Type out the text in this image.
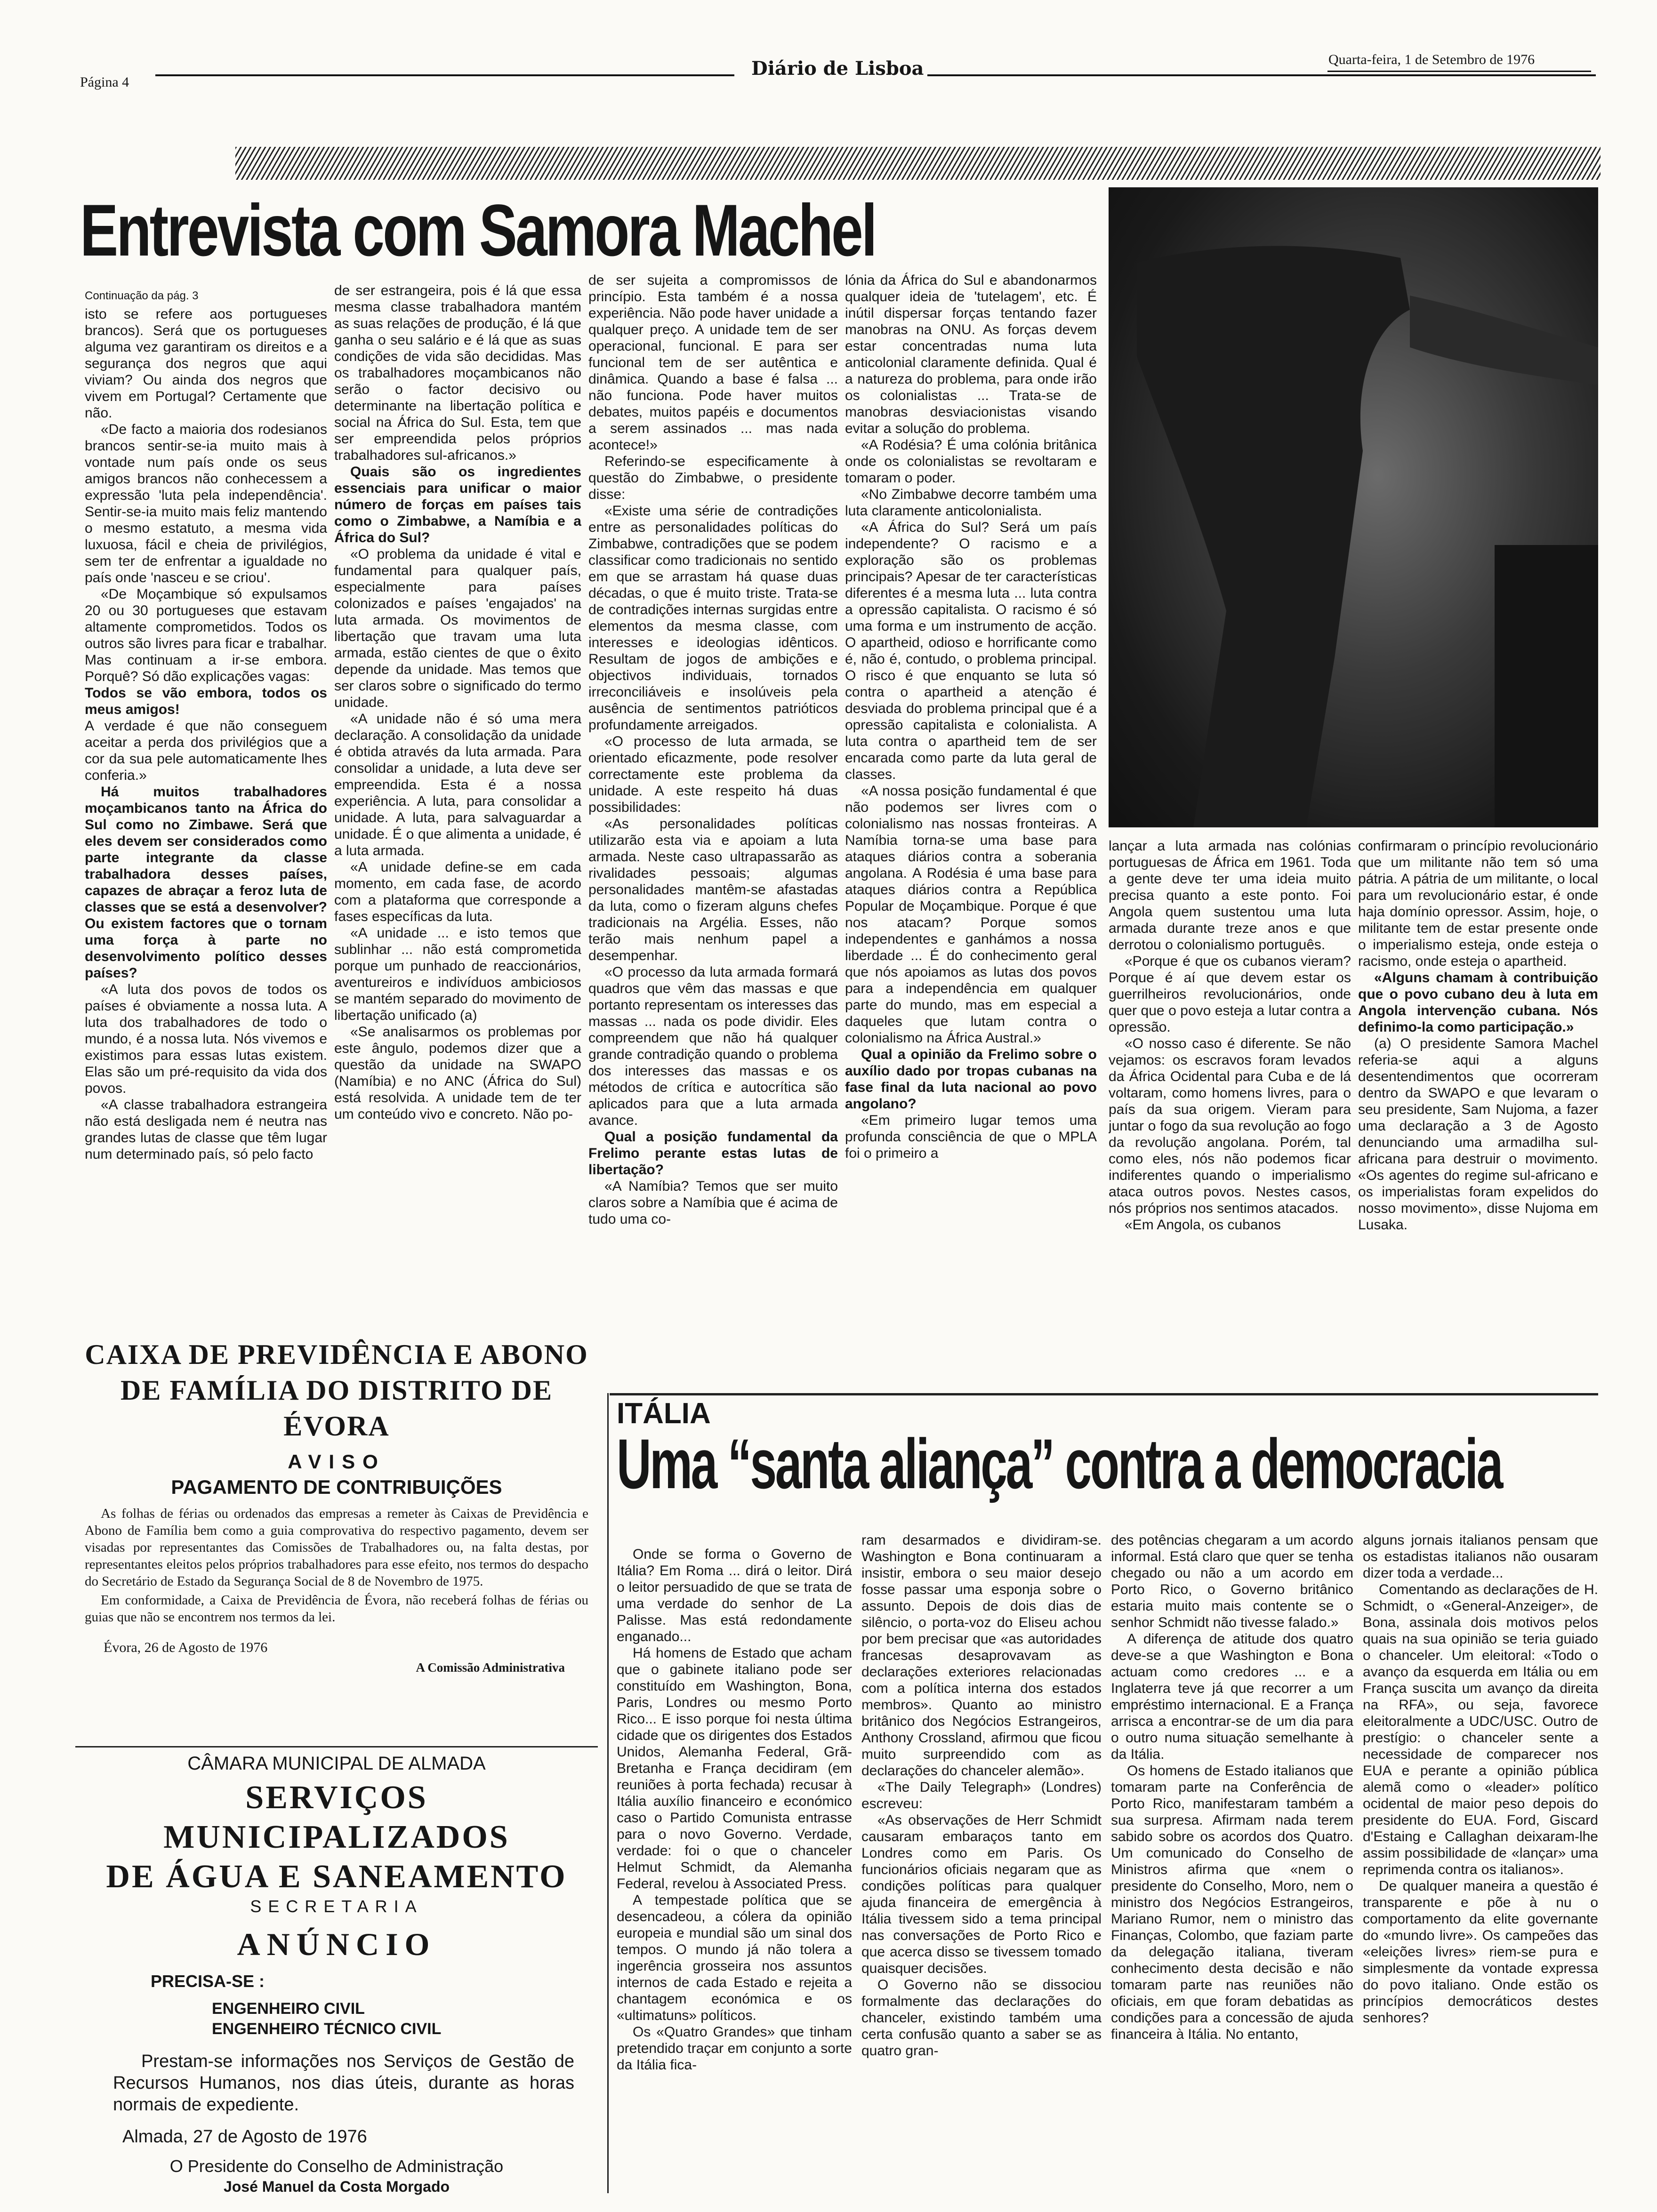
Página 4
Diário de Lisboa	Quarta-feira, 1 de Setembro de 1976
Entrevista com Samora Machel
Continuação da pág. 3

isto se refere aos portugueses brancos). Será que os portugueses alguma vez garantiram os direitos e a segurança dos negros que aqui viviam? Ou ainda dos negros que vivem em Portugal? Certamente que não.

«De facto a maioria dos rodesianos brancos sentir-se-ia muito mais à vontade num país onde os seus amigos brancos não conhecessem a expressão 'luta pela independência'. Sentir-se-ia muito mais feliz mantendo o mesmo estatuto, a mesma vida luxuosa, fácil e cheia de privilégios, sem ter de enfrentar a igualdade no país onde 'nasceu e se criou'.

«De Moçambique só expulsamos 20 ou 30 portugueses que estavam altamente comprometidos. Todos os outros são livres para ficar e trabalhar. Mas continuam a ir-se embora. Porquê? Só dão explicações vagas:

Todos se vão embora, todos os meus amigos!

A verdade é que não conseguem aceitar a perda dos privilégios que a cor da sua pele automaticamente lhes conferia.»

Há muitos trabalhadores moçambicanos tanto na África do Sul como no Zimbawe. Será que eles devem ser considerados como parte integrante da classe trabalhadora desses países, capazes de abraçar a feroz luta de classes que se está a desenvolver? Ou existem factores que o tornam uma força à parte no desenvolvimento político desses países?

«A luta dos povos de todos os países é obviamente a nossa luta. A luta dos trabalhadores de todo o mundo, é a nossa luta. Nós vivemos e existimos para essas lutas existem. Elas são um pré-requisito da vida dos povos.

«A classe trabalhadora estrangeira não está desligada nem é neutra nas grandes lutas de classe que têm lugar num determinado país, só pelo facto

de ser estrangeira, pois é lá que essa mesma classe trabalhadora mantém as suas relações de produção, é lá que ganha o seu salário e é lá que as suas condições de vida são decididas. Mas os trabalhadores moçambicanos não serão o factor decisivo ou determinante na libertação política e social na África do Sul. Esta, tem que ser empreendida pelos próprios trabalhadores sul-africanos.»

Quais são os ingredientes essenciais para unificar o maior número de forças em países tais como o Zimbabwe, a Namíbia e a África do Sul?

«O problema da unidade é vital e fundamental para qualquer país, especialmente para países colonizados e países 'engajados' na luta armada. Os movimentos de libertação que travam uma luta armada, estão cientes de que o êxito depende da unidade. Mas temos que ser claros sobre o significado do termo unidade.

«A unidade não é só uma mera declaração. A consolidação da unidade é obtida através da luta armada. Para consolidar a unidade, a luta deve ser empreendida. Esta é a nossa experiência. A luta, para consolidar a unidade. A luta, para salvaguardar a unidade. É o que alimenta a unidade, é a luta armada.

«A unidade define-se em cada momento, em cada fase, de acordo com a plataforma que corresponde a fases específicas da luta.

«A unidade ... e isto temos que sublinhar ... não está comprometida porque um punhado de reaccionários, aventureiros e indivíduos ambiciosos se mantém separado do movimento de libertação unificado (a)

«Se analisarmos os problemas por este ângulo, podemos dizer que a questão da unidade na SWAPO (Namíbia) e no ANC (África do Sul) está resolvida. A unidade tem de ter um conteúdo vivo e concreto. Não po-

de ser sujeita a compromissos de princípio. Esta também é a nossa experiência. Não pode haver unidade a qualquer preço. A unidade tem de ser operacional, funcional. E para ser funcional tem de ser autêntica e dinâmica. Quando a base é falsa ... não funciona. Pode haver muitos debates, muitos papéis e documentos a serem assinados ... mas nada acontece!»

Referindo-se especificamente à questão do Zimbabwe, o presidente disse:

«Existe uma série de contradições entre as personalidades políticas do Zimbabwe, contradições que se podem classificar como tradicionais no sentido em que se arrastam há quase duas décadas, o que é muito triste. Trata-se de contradições internas surgidas entre elementos da mesma classe, com interesses e ideologias idênticos. Resultam de jogos de ambições e objectivos individuais, tornados irreconciliáveis e insolúveis pela ausência de sentimentos patrióticos profundamente arreigados.

«O processo de luta armada, se orientado eficazmente, pode resolver correctamente este problema da unidade. A este respeito há duas possibilidades:

«As personalidades políticas utilizarão esta via e apoiam a luta armada. Neste caso ultrapassarão as rivalidades pessoais; algumas personalidades mantêm-se afastadas da luta, como o fizeram alguns chefes tradicionais na Argélia. Esses, não terão mais nenhum papel a desempenhar.

«O processo da luta armada formará quadros que vêm das massas e que portanto representam os interesses das massas ... nada os pode dividir. Eles compreendem que não há qualquer grande contradição quando o problema dos interesses das massas e os métodos de crítica e autocrítica são aplicados para que a luta armada avance.

Qual a posição fundamental da Frelimo perante estas lutas de libertação?

«A Namíbia? Temos que ser muito claros sobre a Namíbia que é acima de tudo uma co-

lónia da África do Sul e abandonarmos qualquer ideia de 'tutelagem', etc. É inútil dispersar forças tentando fazer manobras na ONU. As forças devem estar concentradas numa luta anticolonial claramente definida. Qual é a natureza do problema, para onde irão os colonialistas ... Trata-se de manobras desviacionistas visando evitar a solução do problema.

«A Rodésia? É uma colónia britânica onde os colonialistas se revoltaram e tomaram o poder.

«No Zimbabwe decorre também uma luta claramente anticolonialista.

«A África do Sul? Será um país independente? O racismo e a exploração são os problemas principais? Apesar de ter características diferentes é a mesma luta ... luta contra a opressão capitalista. O racismo é só uma forma e um instrumento de acção. O apartheid, odioso e horrificante como é, não é, contudo, o problema principal. O risco é que enquanto se luta só contra o apartheid a atenção é desviada do problema principal que é a opressão capitalista e colonialista. A luta contra o apartheid tem de ser encarada como parte da luta geral de classes.

«A nossa posição fundamental é que não podemos ser livres com o colonialismo nas nossas fronteiras. A Namíbia torna-se uma base para ataques diários contra a soberania angolana. A Rodésia é uma base para ataques diários contra a República Popular de Moçambique. Porque é que nos atacam? Porque somos independentes e ganhámos a nossa liberdade ... É do conhecimento geral que nós apoiamos as lutas dos povos para a independência em qualquer parte do mundo, mas em especial a daqueles que lutam contra o colonialismo na África Austral.»

Qual a opinião da Frelimo sobre o auxílio dado por tropas cubanas na fase final da luta nacional ao povo angolano?

«Em primeiro lugar temos uma profunda consciência de que o MPLA foi o primeiro a

lançar a luta armada nas colónias portuguesas de África em 1961. Toda a gente deve ter uma ideia muito precisa quanto a este ponto. Foi Angola quem sustentou uma luta armada durante treze anos e que derrotou o colonialismo português.

«Porque é que os cubanos vieram? Porque é aí que devem estar os guerrilheiros revolucionários, onde quer que o povo esteja a lutar contra a opressão.

«O nosso caso é diferente. Se não vejamos: os escravos foram levados da África Ocidental para Cuba e de lá voltaram, como homens livres, para o país da sua origem. Vieram para juntar o fogo da sua revolução ao fogo da revolução angolana. Porém, tal como eles, nós não podemos ficar indiferentes quando o imperialismo ataca outros povos. Nestes casos, nós próprios nos sentimos atacados.

«Em Angola, os cubanos

confirmaram o princípio revolucionário que um militante não tem só uma pátria. A pátria de um militante, o local para um revolucionário estar, é onde haja domínio opressor. Assim, hoje, o militante tem de estar presente onde o imperialismo esteja, onde esteja o racismo, onde esteja o apartheid.

«Alguns chamam à contribuição que o povo cubano deu à luta em Angola intervenção cubana. Nós definimo-la como participação.»

(a) O presidente Samora Machel referia-se aqui a alguns desentendimentos que ocorreram dentro da SWAPO e que levaram o seu presidente, Sam Nujoma, a fazer uma declaração a 3 de Agosto denunciando uma armadilha sul-africana para destruir o movimento. «Os agentes do regime sul-africano e os imperialistas foram expelidos do nosso movimento», disse Nujoma em Lusaka.

CAIXA DE PREVIDÊNCIA E ABONO
DE FAMÍLIA DO DISTRITO DE ÉVORA
AVISO
PAGAMENTO DE CONTRIBUIÇÕES
As folhas de férias ou ordenados das empresas a remeter às Caixas de Previdência e Abono de Família bem como a guia comprovativa do respectivo pagamento, devem ser visadas por representantes das Comissões de Trabalhadores ou, na falta destas, por representantes eleitos pelos próprios trabalhadores para esse efeito, nos termos do despacho do Secretário de Estado da Segurança Social de 8 de Novembro de 1975.
Em conformidade, a Caixa de Previdência de Évora, não receberá folhas de férias ou guias que não se encontrem nos termos da lei.
Évora, 26 de Agosto de 1976
A Comissão Administrativa
CÂMARA MUNICIPAL DE ALMADA
SERVIÇOS MUNICIPALIZADOS
DE ÁGUA E SANEAMENTO
SECRETARIA
ANÚNCIO
PRECISA-SE :
ENGENHEIRO CIVIL
ENGENHEIRO TÉCNICO CIVIL
Prestam-se informações nos Serviços de Gestão de Recursos Humanos, nos dias úteis, durante as horas normais de expediente.
Almada, 27 de Agosto de 1976
O Presidente do Conselho de Administração
José Manuel da Costa Morgado
ITÁLIA
Uma “santa aliança” contra a democracia

Onde se forma o Governo de Itália? Em Roma ... dirá o leitor. Dirá o leitor persuadido de que se trata de uma verdade do senhor de La Palisse. Mas está redondamente enganado...

Há homens de Estado que acham que o gabinete italiano pode ser constituído em Washington, Bona, Paris, Londres ou mesmo Porto Rico... E isso porque foi nesta última cidade que os dirigentes dos Estados Unidos, Alemanha Federal, Grã-Bretanha e França decidiram (em reuniões à porta fechada) recusar à Itália auxílio financeiro e económico caso o Partido Comunista entrasse para o novo Governo. Verdade, verdade: foi o que o chanceler Helmut Schmidt, da Alemanha Federal, revelou à Associated Press.

A tempestade política que se desencadeou, a cólera da opinião europeia e mundial são um sinal dos tempos. O mundo já não tolera a ingerência grosseira nos assuntos internos de cada Estado e rejeita a chantagem económica e os «ultimatuns» políticos.

Os «Quatro Grandes» que tinham pretendido traçar em conjunto a sorte da Itália fica-

ram desarmados e dividiram-se. Washington e Bona continuaram a insistir, embora o seu maior desejo fosse passar uma esponja sobre o assunto. Depois de dois dias de silêncio, o porta-voz do Eliseu achou por bem precisar que «as autoridades francesas desaprovavam as declarações exteriores relacionadas com a política interna dos estados membros». Quanto ao ministro britânico dos Negócios Estrangeiros, Anthony Crossland, afirmou que ficou muito surpreendido com as declarações do chanceler alemão».

«The Daily Telegraph» (Londres) escreveu:

«As observações de Herr Schmidt causaram embaraços tanto em Londres como em Paris. Os funcionários oficiais negaram que as condições políticas para qualquer ajuda financeira de emergência à Itália tivessem sido a tema principal nas conversações de Porto Rico e que acerca disso se tivessem tomado quaisquer decisões.

O Governo não se dissociou formalmente das declarações do chanceler, existindo também uma certa confusão quanto a saber se as quatro gran-

des potências chegaram a um acordo informal. Está claro que quer se tenha chegado ou não a um acordo em Porto Rico, o Governo britânico estaria muito mais contente se o senhor Schmidt não tivesse falado.»

A diferença de atitude dos quatro deve-se a que Washington e Bona actuam como credores ... e a Inglaterra teve já que recorrer a um empréstimo internacional. E a França arrisca a encontrar-se de um dia para o outro numa situação semelhante à da Itália.

Os homens de Estado italianos que tomaram parte na Conferência de Porto Rico, manifestaram também a sua surpresa. Afirmam nada terem sabido sobre os acordos dos Quatro. Um comunicado do Conselho de Ministros afirma que «nem o presidente do Conselho, Moro, nem o ministro dos Negócios Estrangeiros, Mariano Rumor, nem o ministro das Finanças, Colombo, que faziam parte da delegação italiana, tiveram conhecimento desta decisão e não tomaram parte nas reuniões não oficiais, em que foram debatidas as condições para a concessão de ajuda financeira à Itália. No entanto,

alguns jornais italianos pensam que os estadistas italianos não ousaram dizer toda a verdade...

Comentando as declarações de H. Schmidt, o «General-Anzeiger», de Bona, assinala dois motivos pelos quais na sua opinião se teria guiado o chanceler. Um eleitoral: «Todo o avanço da esquerda em Itália ou em França suscita um avanço da direita na RFA», ou seja, favorece eleitoralmente a UDC/USC. Outro de prestígio: o chanceler sente a necessidade de comparecer nos EUA e perante a opinião pública alemã como o «leader» político ocidental de maior peso depois do presidente do EUA. Ford, Giscard d'Estaing e Callaghan deixaram-lhe assim possibilidade de «lançar» uma reprimenda contra os italianos».

De qualquer maneira a questão é transparente e põe à nu o comportamento da elite governante do «mundo livre». Os campeões das «eleições livres» riem-se pura e simplesmente da vontade expressa do povo italiano. Onde estão os princípios democráticos destes senhores?
